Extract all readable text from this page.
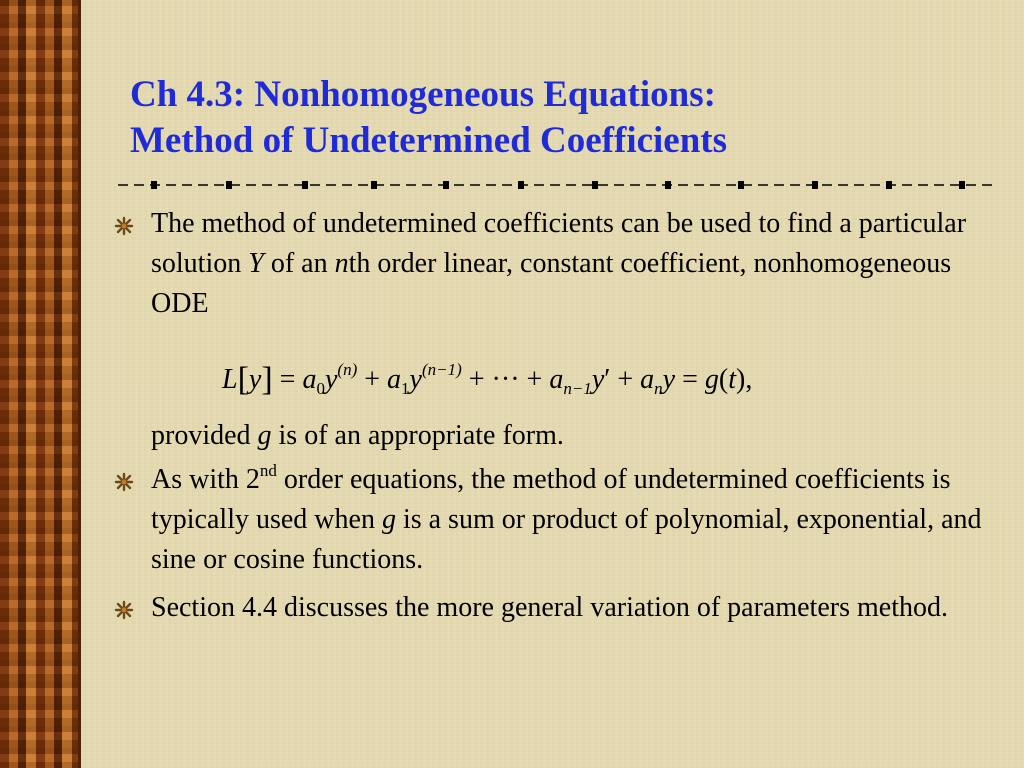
Ch 4.3: Nonhomogeneous Equations:
Method of Undetermined Coefficients

The method of undetermined coefficients can be used to find a particular solution Y of an nth order linear, constant coefficient, nonhomogeneous ODE

$L[y] = a_0y^{(n)} + a_1y^{(n-1)}$ + ··· + $a_{n-1}y' + a_ny = g(t)$,

provided g is of an appropriate form.

As with 2nd order equations, the method of undetermined coefficients is typically used when g is a sum or product of polynomial, exponential, and sine or cosine functions.

Section 4.4 discusses the more general variation of parameters method.
